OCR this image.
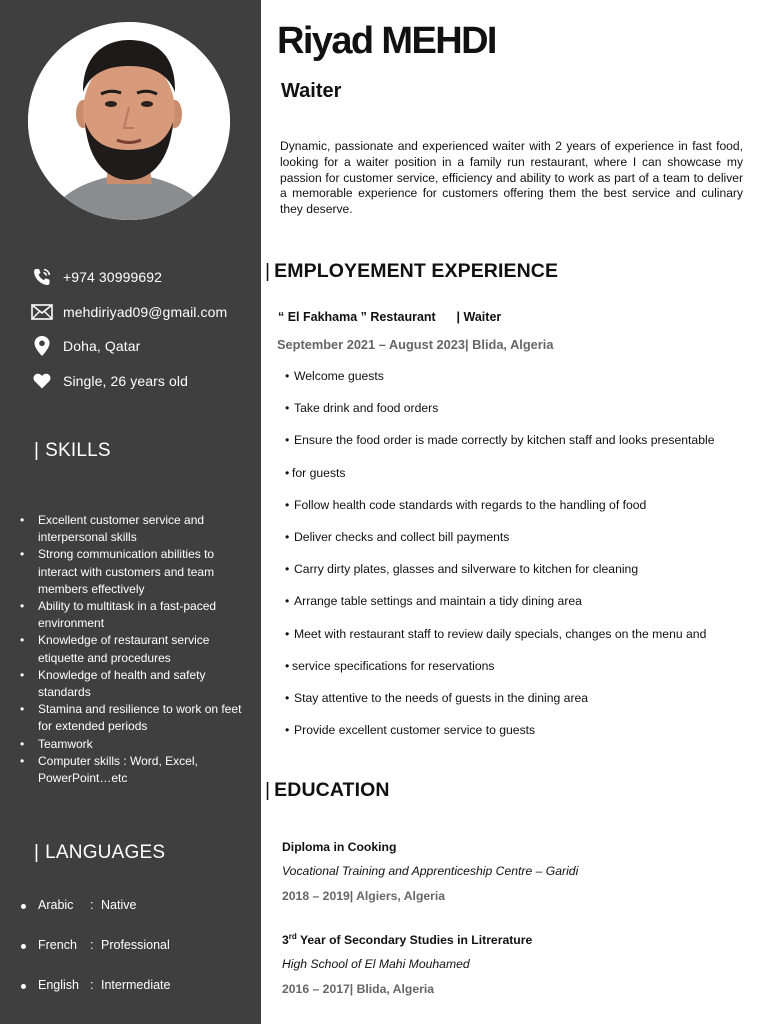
+974 30999692
mehdiriyad09@gmail.com
Doha, Qatar
Single, 26 years old
| SKILLS
• Excellent customer service and interpersonal skills
• Strong communication abilities to interact with customers and team members effectively
• Ability to multitask in a fast-paced environment
• Knowledge of restaurant service etiquette and procedures
• Knowledge of health and safety standards
• Stamina and resilience to work on feet for extended periods
• Teamwork
• Computer skills : Word, Excel, PowerPoint…etc
| LANGUAGES
Arabic	: Native
French	: Professional
English : Intermediate
Riyad MEHDI
Waiter

Dynamic, passionate and experienced waiter with 2 years of experience in fast food, looking for a waiter position in a family run restaurant, where I can showcase my passion for customer service, efficiency and ability to work as part of a team to deliver a memorable experience for customers offering them the best service and culinary they deserve.

| EMPLOYEMENT EXPERIENCE
“ El Fakhama ” Restaurant | Waiter
September 2021 – August 2023| Blida, Algeria
• Welcome guests
• Take drink and food orders
• Ensure the food order is made correctly by kitchen staff and looks presentable
• for guests
• Follow health code standards with regards to the handling of food
• Deliver checks and collect bill payments
• Carry dirty plates, glasses and silverware to kitchen for cleaning
• Arrange table settings and maintain a tidy dining area
• Meet with restaurant staff to review daily specials, changes on the menu and
• service specifications for reservations
• Stay attentive to the needs of guests in the dining area
• Provide excellent customer service to guests
| EDUCATION
Diploma in Cooking
Vocational Training and Apprenticeship Centre – Garidi
2018 – 2019| Algiers, Algeria
3rd Year of Secondary Studies in Litrerature
High School of El Mahi Mouhamed
2016 – 2017| Blida, Algeria
